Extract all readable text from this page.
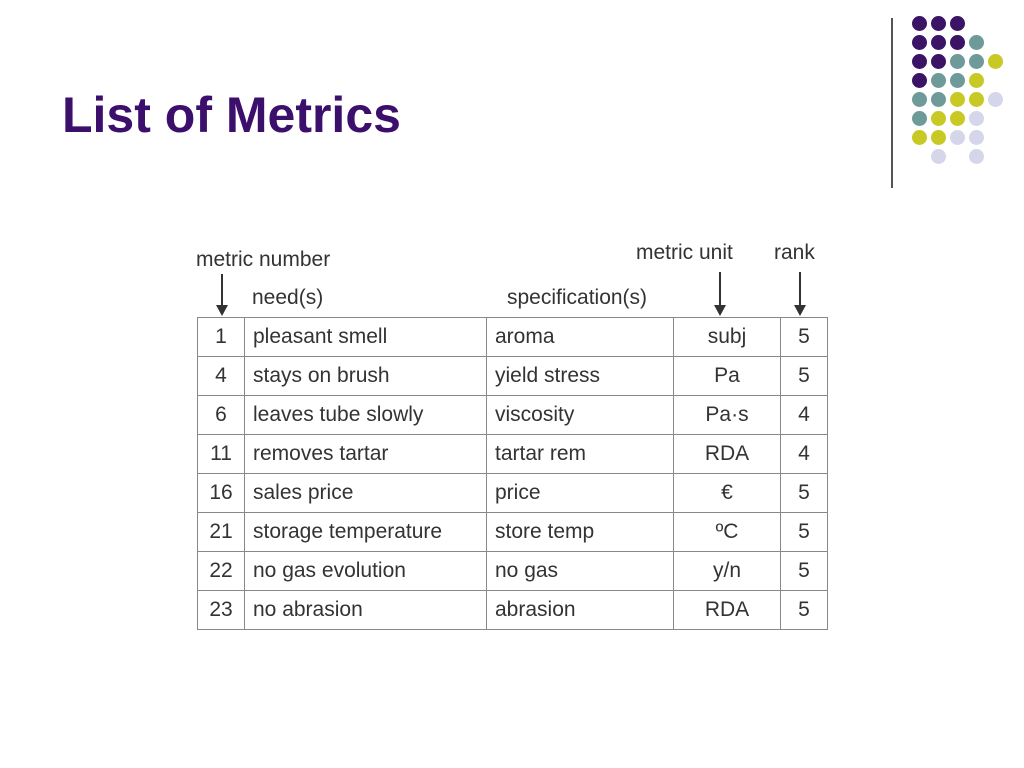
List of Metrics
metric number
need(s)	specification(s)
metric unit rank
1	pleasant smell	aroma	subj	5
4	stays on brush	yield stress	Pa	5
6	leaves tube slowly	viscosity	Pa·s	4
11	removes tartar	tartar rem	RDA	4
16	sales price	price	€	5
21	storage temperature	store temp	ºC	5
22	no gas evolution	no gas	y/n	5
23	no abrasion	abrasion	RDA	5
